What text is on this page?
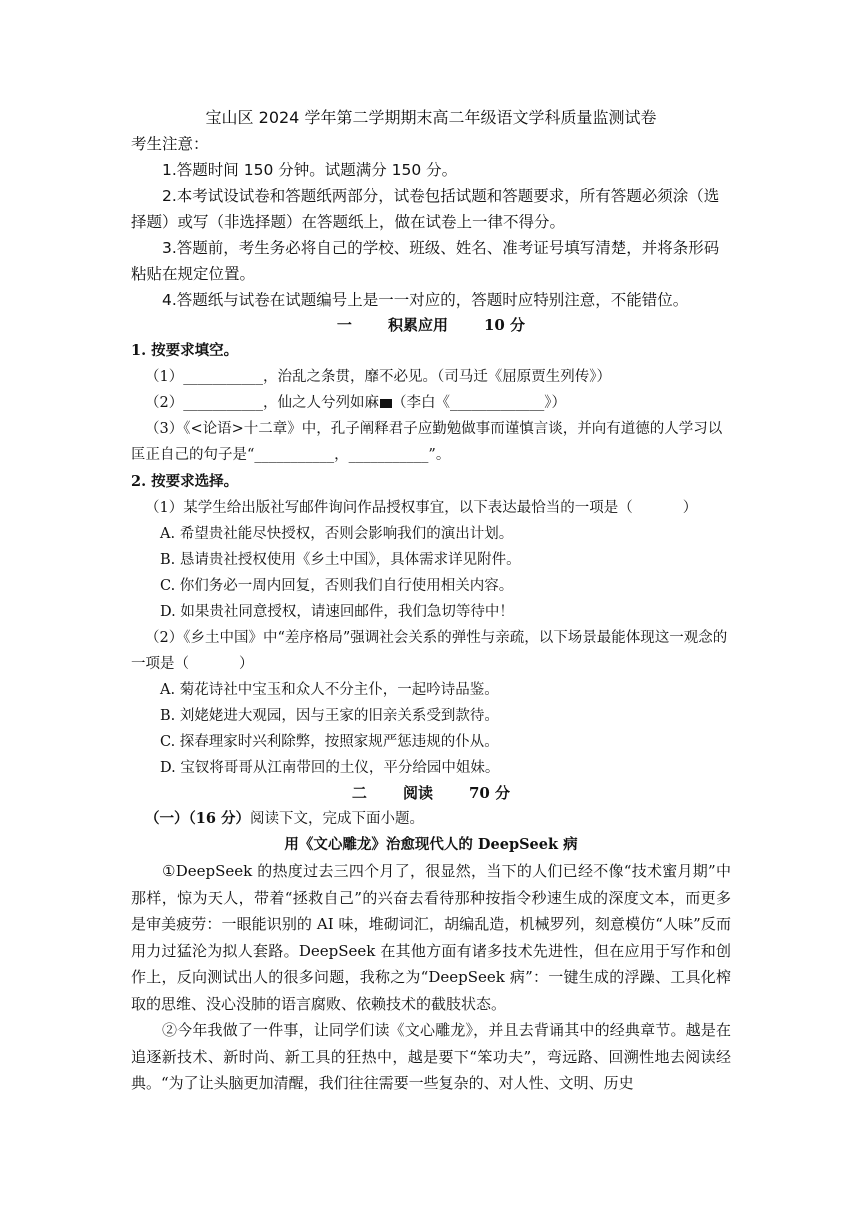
宝山区 2024 学年第二学期期末高二年级语文学科质量监测试卷

考生注意：

1.答题时间 150 分钟。试题满分 150 分。

2.本考试设试卷和答题纸两部分，试卷包括试题和答题要求，所有答题必须涂（选择题）或写（非选择题）在答题纸上，做在试卷上一律不得分。

3.答题前，考生务必将自己的学校、班级、姓名、准考证号填写清楚，并将条形码粘贴在规定位置。

4.答题纸与试卷在试题编号上是一一对应的，答题时应特别注意，不能错位。

一 积累应用 10 分

1. 按要求填空。

（1）___________，治乱之条贯，靡不必见。（司马迁《屈原贾生列传》）

（2）___________，仙之人兮列如麻 （李白《_____________》）

（3）《<论语>十二章》中，孔子阐释君子应勤勉做事而谨慎言谈，并向有道德的人学习以匡正自己的句子是“___________，___________”。

2. 按要求选择。

（1）某学生给出版社写邮件询问作品授权事宜，以下表达最恰当的一项是（	）

A. 希望贵社能尽快授权，否则会影响我们的演出计划。

B. 恳请贵社授权使用《乡土中国》，具体需求详见附件。

C. 你们务必一周内回复，否则我们自行使用相关内容。

D. 如果贵社同意授权，请速回邮件，我们急切等待中！

（2）《乡土中国》中“差序格局”强调社会关系的弹性与亲疏，以下场景最能体现这一观念的一项是（	）

A. 菊花诗社中宝玉和众人不分主仆，一起吟诗品鉴。

B. 刘姥姥进大观园，因与王家的旧亲关系受到款待。

C. 探春理家时兴利除弊，按照家规严惩违规的仆从。

D. 宝钗将哥哥从江南带回的土仪，平分给园中姐妹。

二 阅读 70 分

（一）（16 分）阅读下文，完成下面小题。

用《文心雕龙》治愈现代人的 DeepSeek 病

①DeepSeek 的热度过去三四个月了，很显然，当下的人们已经不像“技术蜜月期”中那样，惊为天人，带着“拯救自己”的兴奋去看待那种按指令秒速生成的深度文本，而更多是审美疲劳：一眼能识别的 AI 味，堆砌词汇，胡编乱造，机械罗列，刻意模仿“人味”反而用力过猛沦为拟人套路。DeepSeek 在其他方面有诸多技术先进性，但在应用于写作和创作上，反向测试出人的很多问题，我称之为“DeepSeek 病”：一键生成的浮躁、工具化榨取的思维、没心没肺的语言腐败、依赖技术的截肢状态。

②今年我做了一件事，让同学们读《文心雕龙》，并且去背诵其中的经典章节。越是在追逐新技术、新时尚、新工具的狂热中，越是要下“笨功夫”，弯远路、回溯性地去阅读经典。“为了让头脑更加清醒，我们往往需要一些复杂的、对人性、文明、历史
